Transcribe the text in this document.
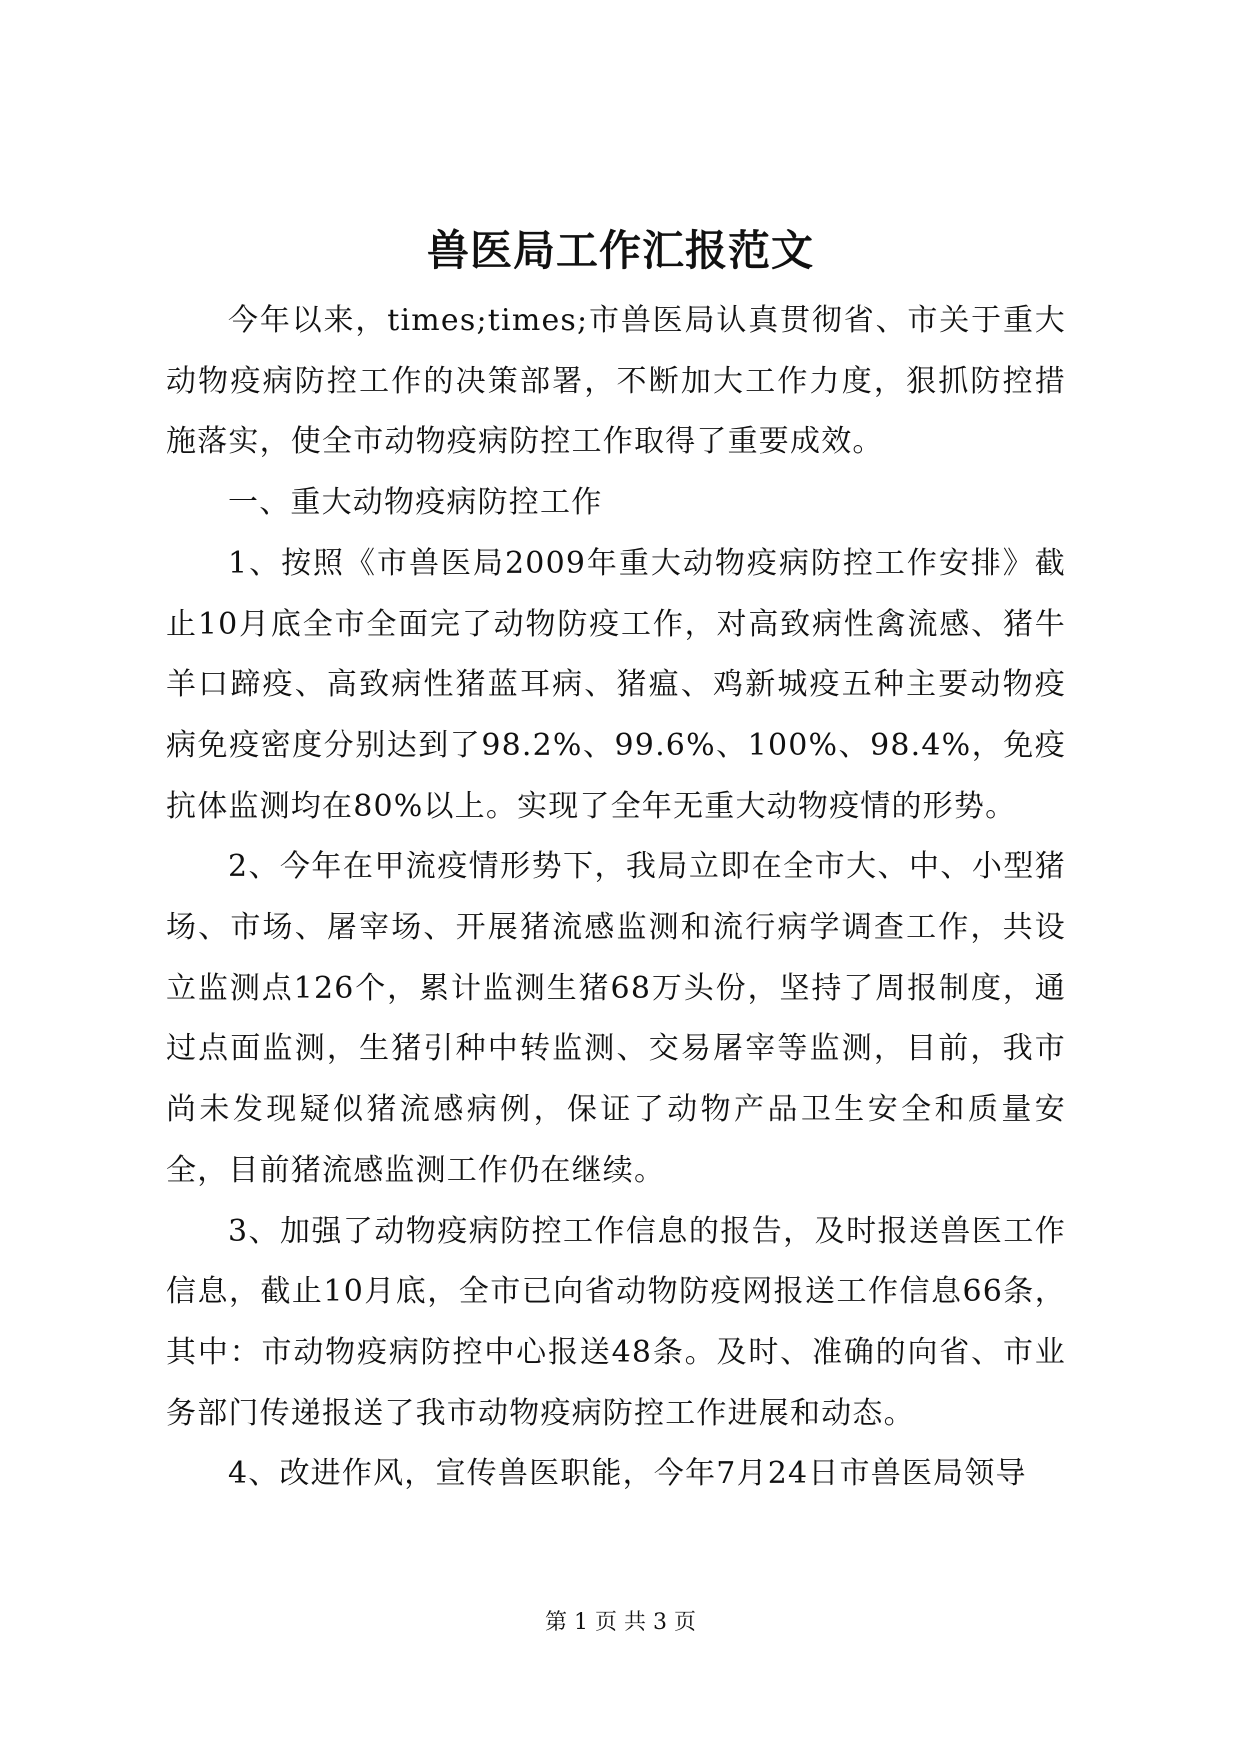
兽医局工作汇报范文

今年以来，times;times;市兽医局认真贯彻省、市关于重大动物疫病防控工作的决策部署，不断加大工作力度，狠抓防控措施落实，使全市动物疫病防控工作取得了重要成效。

一、重大动物疫病防控工作

1、按照《市兽医局2009年重大动物疫病防控工作安排》截止10月底全市全面完了动物防疫工作，对高致病性禽流感、猪牛羊口蹄疫、高致病性猪蓝耳病、猪瘟、鸡新城疫五种主要动物疫病免疫密度分别达到了98.2%、99.6%、100%、98.4%，免疫抗体监测均在80%以上。实现了全年无重大动物疫情的形势。

2、今年在甲流疫情形势下，我局立即在全市大、中、小型猪场、市场、屠宰场、开展猪流感监测和流行病学调查工作，共设立监测点126个，累计监测生猪68万头份，坚持了周报制度，通过点面监测，生猪引种中转监测、交易屠宰等监测，目前，我市尚未发现疑似猪流感病例，保证了动物产品卫生安全和质量安全，目前猪流感监测工作仍在继续。

3、加强了动物疫病防控工作信息的报告，及时报送兽医工作信息，截止10月底，全市已向省动物防疫网报送工作信息66条，其中：市动物疫病防控中心报送48条。及时、准确的向省、市业务部门传递报送了我市动物疫病防控工作进展和动态。

4、改进作风，宣传兽医职能，今年7月24日市兽医局领导

第 1 页 共 3 页
